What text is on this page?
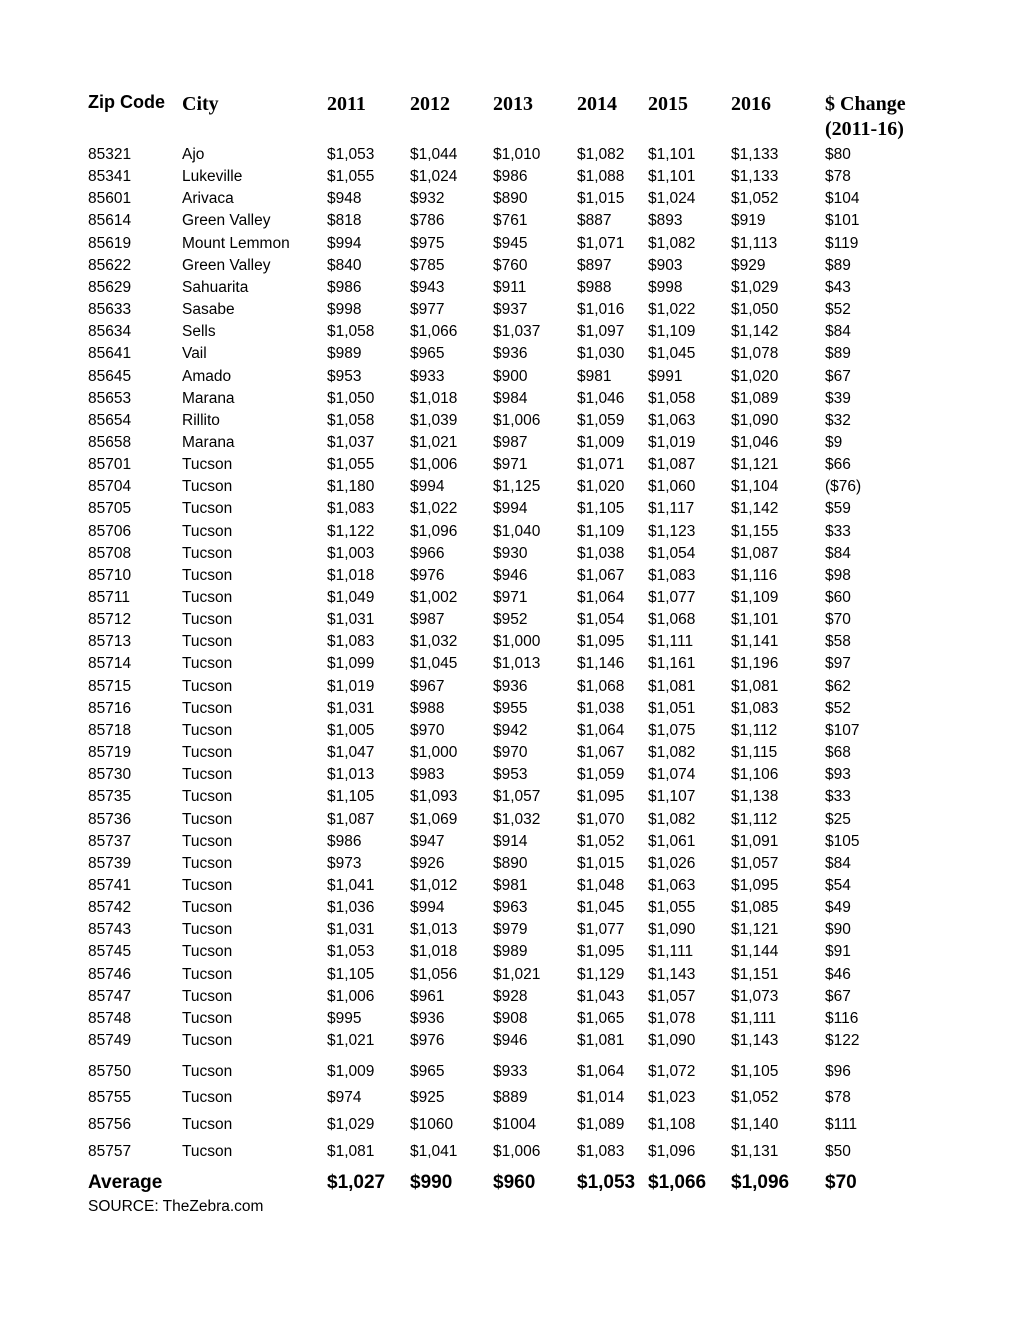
Zip Code City	2011 2012 2013 2014 2015 2016	$ Change
(2011-16)
85321	Ajo	$1,053 $1,044 $1,010 $1,082 $1,101 $1,133	$80
85341	Lukeville	$1,055 $1,024 $986	$1,088 $1,101 $1,133	$78
85601	Arivaca	$948	$932	$890	$1,015 $1,024 $1,052	$104
85614	Green Valley	$818	$786	$761	$887 $893	$919	$101
85619	Mount Lemmon $994	$975	$945	$1,071 $1,082 $1,113	$119
85622	Green Valley	$840	$785	$760	$897 $903	$929	$89
85629	Sahuarita	$986	$943	$911	$988 $998	$1,029	$43
85633	Sasabe	$998	$977	$937	$1,016 $1,022 $1,050	$52
85634	Sells	$1,058 $1,066 $1,037 $1,097 $1,109 $1,142	$84
85641	Vail	$989	$965	$936	$1,030 $1,045 $1,078	$89
85645	Amado	$953	$933	$900	$981 $991	$1,020	$67
85653	Marana	$1,050 $1,018 $984	$1,046 $1,058 $1,089	$39
85654	Rillito	$1,058 $1,039 $1,006 $1,059 $1,063 $1,090	$32
85658	Marana	$1,037 $1,021 $987	$1,009 $1,019 $1,046	$9
85701	Tucson	$1,055 $1,006 $971	$1,071 $1,087 $1,121	$66
85704	Tucson	$1,180 $994	$1,125 $1,020 $1,060 $1,104	($76)
85705	Tucson	$1,083 $1,022 $994	$1,105 $1,117 $1,142	$59
85706	Tucson	$1,122 $1,096 $1,040 $1,109 $1,123 $1,155	$33
85708	Tucson	$1,003 $966	$930	$1,038 $1,054 $1,087	$84
85710	Tucson	$1,018 $976	$946	$1,067 $1,083 $1,116	$98
85711	Tucson	$1,049 $1,002 $971	$1,064 $1,077 $1,109	$60
85712	Tucson	$1,031 $987	$952	$1,054 $1,068 $1,101	$70
85713	Tucson	$1,083 $1,032 $1,000 $1,095 $1,111 $1,141	$58
85714	Tucson	$1,099 $1,045 $1,013 $1,146 $1,161 $1,196	$97
85715	Tucson	$1,019 $967	$936	$1,068 $1,081 $1,081	$62
85716	Tucson	$1,031 $988	$955	$1,038 $1,051 $1,083	$52
85718	Tucson	$1,005 $970	$942	$1,064 $1,075 $1,112	$107
85719	Tucson	$1,047 $1,000 $970	$1,067 $1,082 $1,115	$68
85730	Tucson	$1,013 $983	$953	$1,059 $1,074 $1,106	$93
85735	Tucson	$1,105 $1,093 $1,057 $1,095 $1,107 $1,138	$33
85736	Tucson	$1,087 $1,069 $1,032 $1,070 $1,082 $1,112	$25
85737	Tucson	$986	$947	$914	$1,052 $1,061 $1,091	$105
85739	Tucson	$973	$926	$890	$1,015 $1,026 $1,057	$84
85741	Tucson	$1,041 $1,012 $981	$1,048 $1,063 $1,095	$54
85742	Tucson	$1,036 $994	$963	$1,045 $1,055 $1,085	$49
85743	Tucson	$1,031 $1,013 $979	$1,077 $1,090 $1,121	$90
85745	Tucson	$1,053 $1,018 $989	$1,095 $1,111 $1,144	$91
85746	Tucson	$1,105 $1,056 $1,021 $1,129 $1,143 $1,151	$46
85747	Tucson	$1,006 $961	$928	$1,043 $1,057 $1,073	$67
85748	Tucson	$995	$936	$908	$1,065 $1,078 $1,111	$116
85749	Tucson	$1,021 $976	$946	$1,081 $1,090 $1,143	$122
85750	Tucson	$1,009 $965	$933	$1,064 $1,072 $1,105	$96
85755	Tucson	$974	$925	$889	$1,014 $1,023 $1,052	$78
85756	Tucson	$1,029 $1060	$1004	$1,089 $1,108 $1,140	$111
85757	Tucson	$1,081 $1,041 $1,006 $1,083 $1,096 $1,131	$50
Average	$1,027 $990 $960 $1,053 $1,066 $1,096 $70
SOURCE: TheZebra.com
